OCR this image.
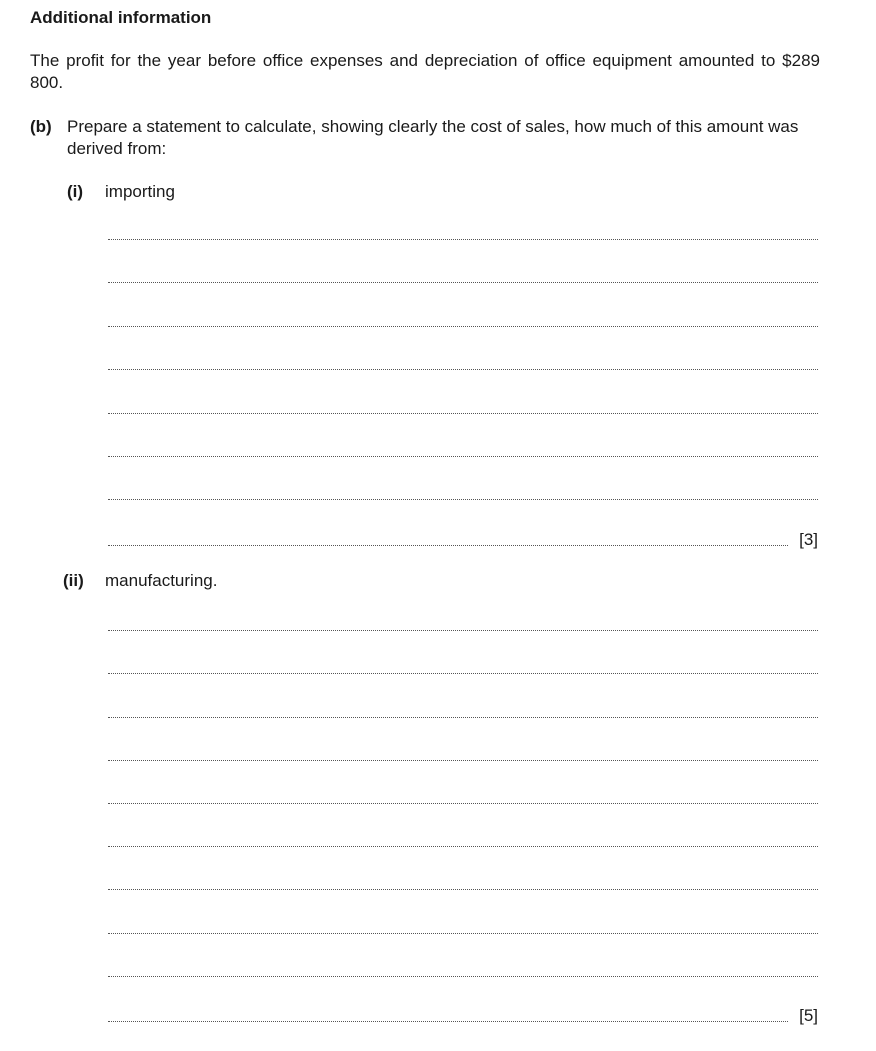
Additional information

The profit for the year before office expenses and depreciation of office equipment amounted to $289 800.

(b) Prepare a statement to calculate, showing clearly the cost of sales, how much of this amount was derived from:
(i) importing
[3]
(ii) manufacturing.
[5]
